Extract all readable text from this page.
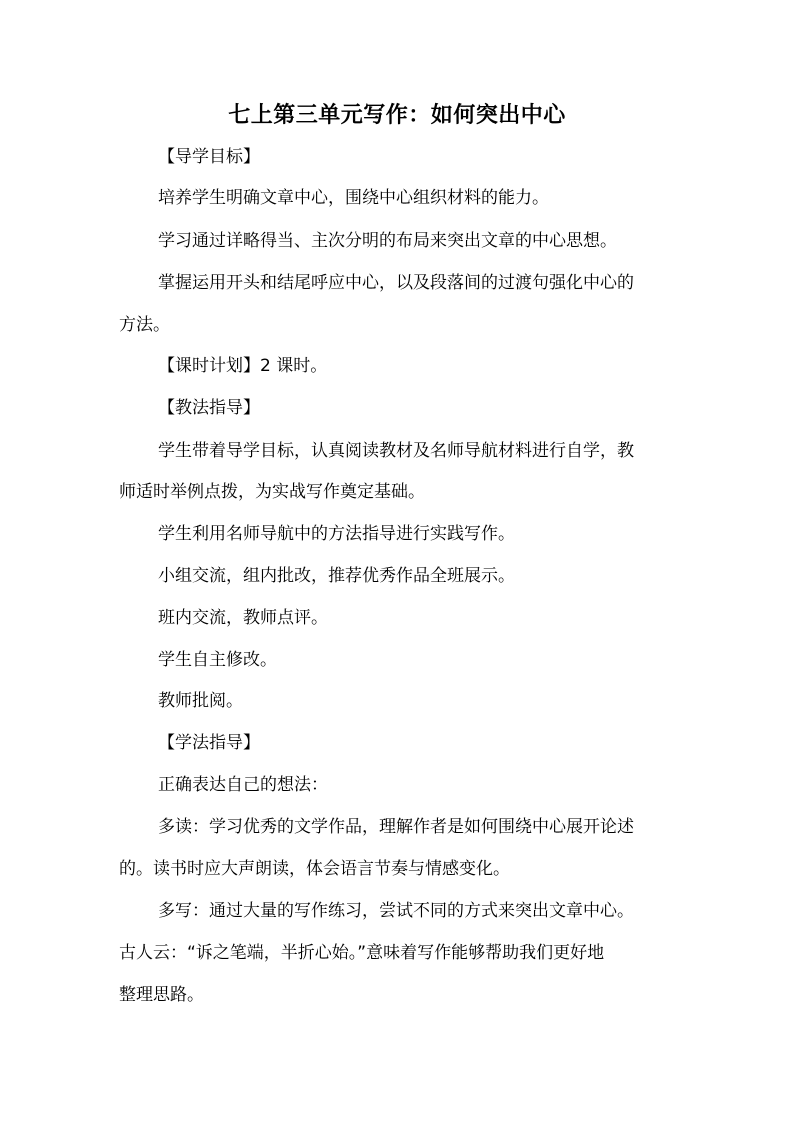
七上第三单元写作：如何突出中心
【导学目标】
培养学生明确文章中心，围绕中心组织材料的能力。
学习通过详略得当、主次分明的布局来突出文章的中心思想。
掌握运用开头和结尾呼应中心，以及段落间的过渡句强化中心的
方法。
【课时计划】2 课时。
【教法指导】
学生带着导学目标，认真阅读教材及名师导航材料进行自学，教
师适时举例点拨，为实战写作奠定基础。
学生利用名师导航中的方法指导进行实践写作。
小组交流，组内批改，推荐优秀作品全班展示。
班内交流，教师点评。
学生自主修改。
教师批阅。
【学法指导】
正确表达自己的想法：
多读：学习优秀的文学作品，理解作者是如何围绕中心展开论述
的。读书时应大声朗读，体会语言节奏与情感变化。
多写：通过大量的写作练习，尝试不同的方式来突出文章中心。
古人云：“诉之笔端，半折心始。”意味着写作能够帮助我们更好地
整理思路。
